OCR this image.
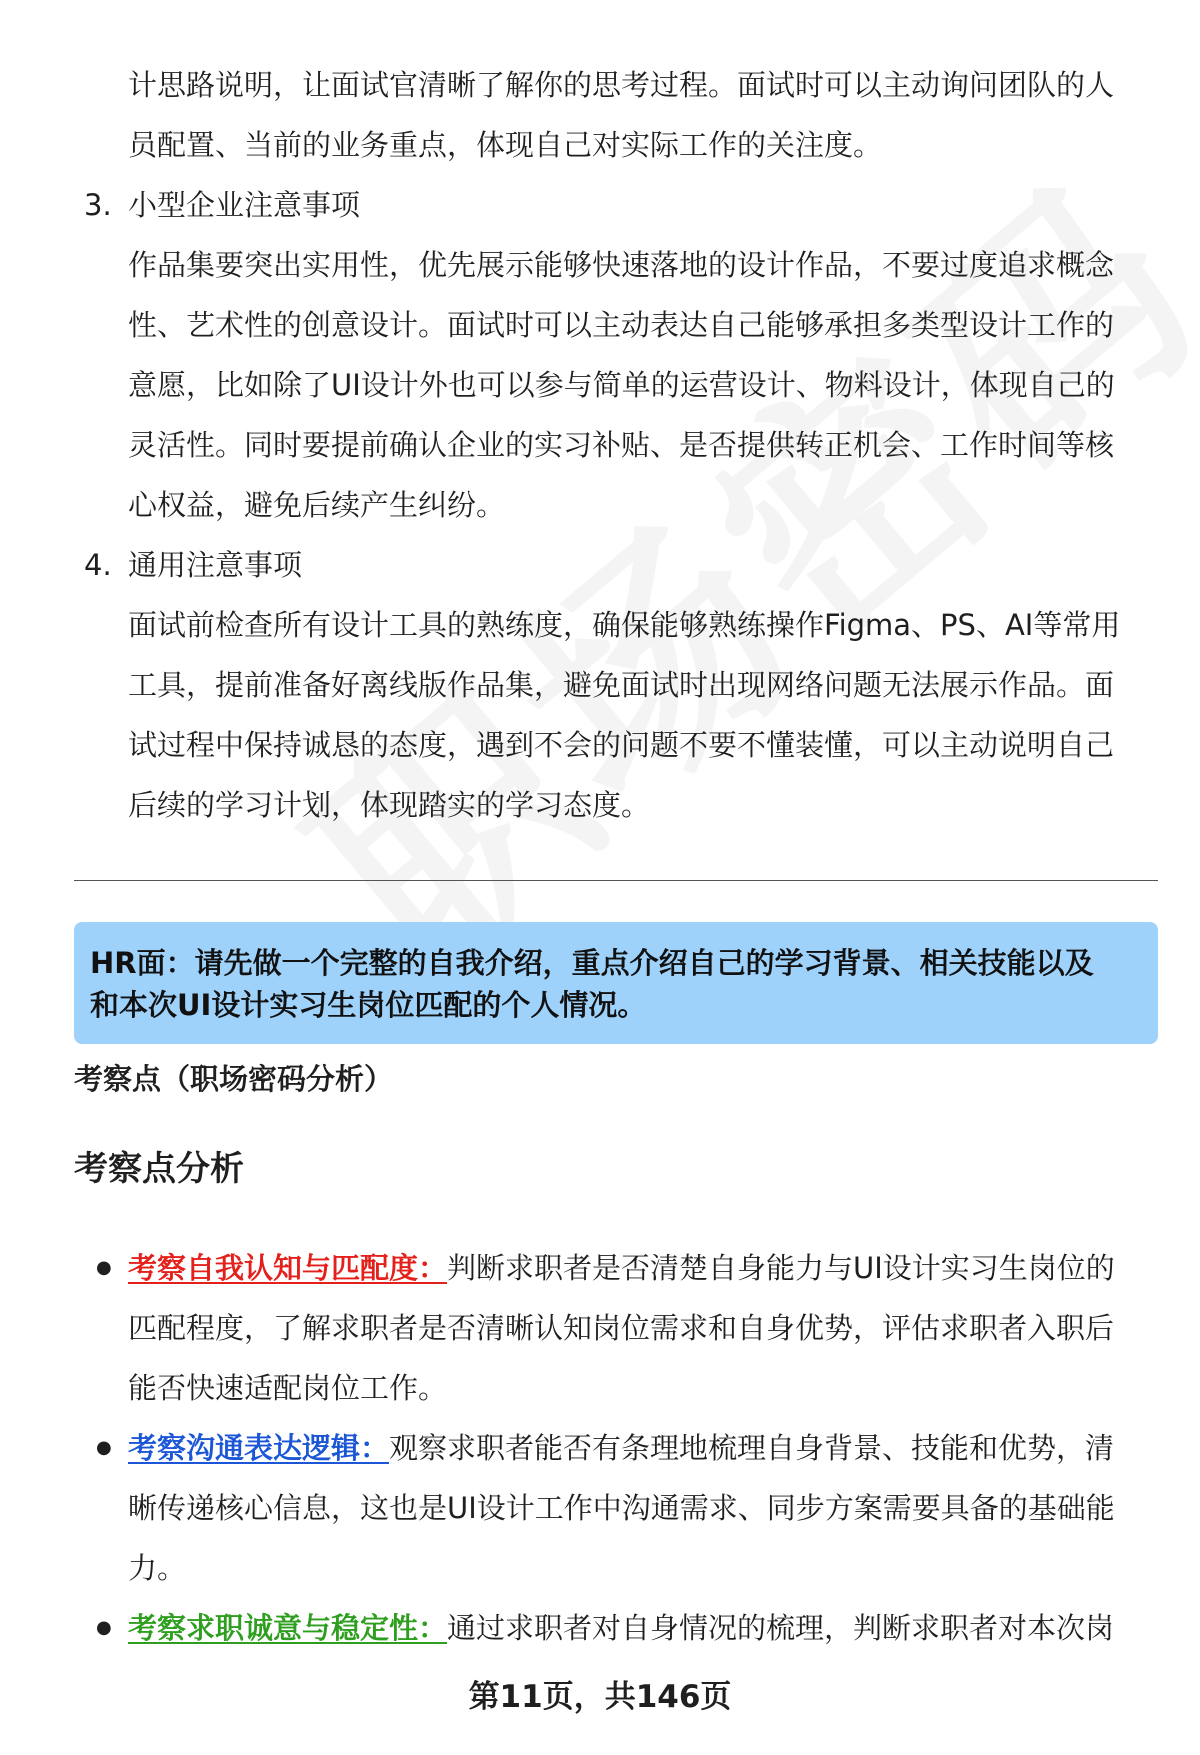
计思路说明，让面试官清晰了解你的思考过程。面试时可以主动询问团队的人
员配置、当前的业务重点，体现自己对实际工作的关注度。
3. 小型企业注意事项
作品集要突出实用性，优先展示能够快速落地的设计作品，不要过度追求概念
性、艺术性的创意设计。面试时可以主动表达自己能够承担多类型设计工作的
意愿，比如除了UI设计外也可以参与简单的运营设计、物料设计，体现自己的
灵活性。同时要提前确认企业的实习补贴、是否提供转正机会、工作时间等核
心权益，避免后续产生纠纷。
4. 通用注意事项
面试前检查所有设计工具的熟练度，确保能够熟练操作Figma、PS、AI等常用
工具，提前准备好离线版作品集，避免面试时出现网络问题无法展示作品。面
试过程中保持诚恳的态度，遇到不会的问题不要不懂装懂，可以主动说明自己
后续的学习计划，体现踏实的学习态度。
HR面：请先做一个完整的自我介绍，重点介绍自己的学习背景、相关技能以及
和本次UI设计实习生岗位匹配的个人情况。
考察点（职场密码分析）
考察点分析
● 考察自我认知与匹配度：判断求职者是否清楚自身能力与UI设计实习生岗位的
匹配程度，了解求职者是否清晰认知岗位需求和自身优势，评估求职者入职后
能否快速适配岗位工作。
● 考察沟通表达逻辑：观察求职者能否有条理地梳理自身背景、技能和优势，清
晰传递核心信息，这也是UI设计工作中沟通需求、同步方案需要具备的基础能
力。
● 考察求职诚意与稳定性：通过求职者对自身情况的梳理，判断求职者对本次岗
第11页，共146页
